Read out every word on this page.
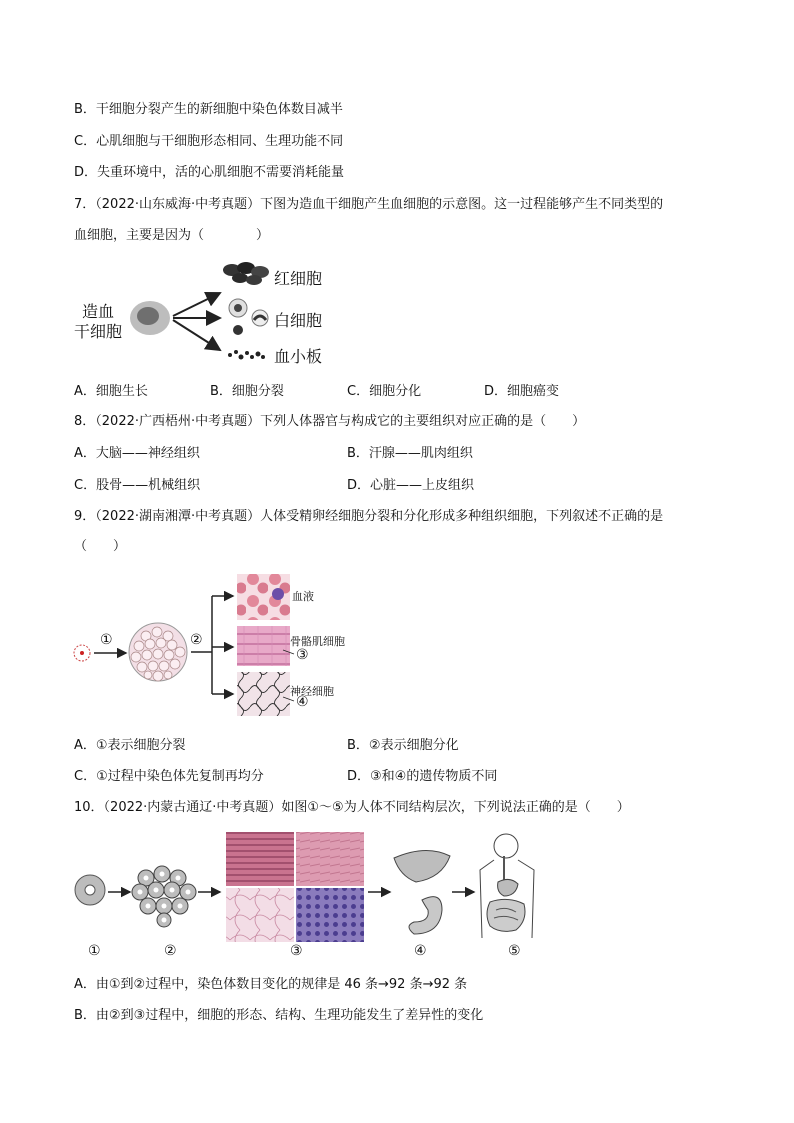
B．干细胞分裂产生的新细胞中染色体数目减半
C．心肌细胞与干细胞形态相同、生理功能不同
D．失重环境中，活的心肌细胞不需要消耗能量
7．（2022·山东威海·中考真题）下图为造血干细胞产生血细胞的示意图。这一过程能够产生不同类型的
血细胞，主要是因为（　　　　）
造血
干细胞
红细胞
白细胞
血小板
A．细胞生长	B．细胞分裂	C．细胞分化	D．细胞癌变
8．（2022·广西梧州·中考真题）下列人体器官与构成它的主要组织对应正确的是（　　）
A．大脑——神经组织	B．汗腺——肌肉组织
C．股骨——机械组织	D．心脏——上皮组织
9．（2022·湖南湘潭·中考真题）人体受精卵经细胞分裂和分化形成多种组织细胞，下列叙述不正确的是
（　　）
①	②
血液
骨骼肌细胞
③
神经细胞
④
A．①表示细胞分裂	B．②表示细胞分化
C．①过程中染色体先复制再均分	D．③和④的遗传物质不同
10．（2022·内蒙古通辽·中考真题）如图①～⑤为人体不同结构层次，下列说法正确的是（　　）
①	②	③	④	⑤
A．由①到②过程中，染色体数目变化的规律是 46 条→92 条→92 条
B．由②到③过程中，细胞的形态、结构、生理功能发生了差异性的变化
